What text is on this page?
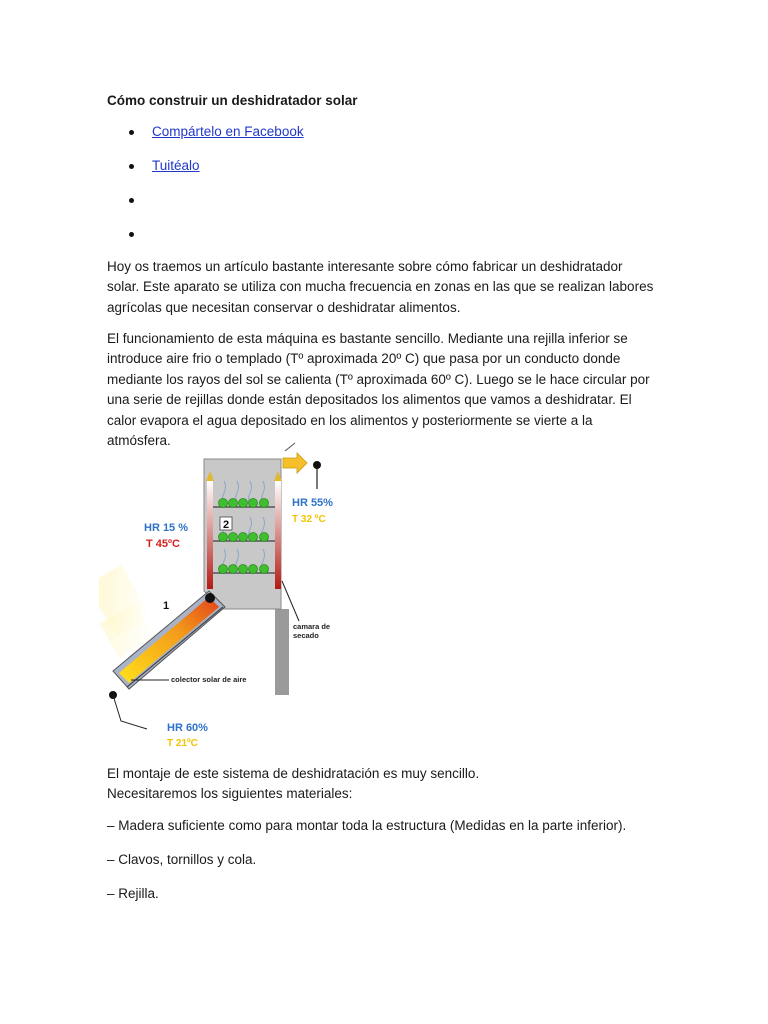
Cómo construir un deshidratador solar
Compártelo en Facebook
Tuitéalo

Hoy os traemos un artículo bastante interesante sobre cómo fabricar un deshidratador solar. Este aparato se utiliza con mucha frecuencia en zonas en las que se realizan labores agrícolas que necesitan conservar o deshidratar alimentos.

El funcionamiento de esta máquina es bastante sencillo. Mediante una rejilla inferior se introduce aire frio o templado (Tº aproximada 20º C) que pasa por un conducto donde mediante los rayos del sol se calienta (Tº aproximada 60º C). Luego se le hace circular por una serie de rejillas donde están depositados los alimentos que vamos a deshidratar. El calor evapora el agua depositado en los alimentos y posteriormente se vierte a la atmósfera.

El montaje de este sistema de deshidratación es muy sencillo. Necesitaremos los siguientes materiales:

– Madera suficiente como para montar toda la estructura (Medidas en la parte inferior).

– Clavos, tornillos y cola.

– Rejilla.

2
colector solar de aire
1
camara de
secado
HR 55%
T 32 ºC
HR 15 %
T 45ºC
HR 60%
T 21ºC
